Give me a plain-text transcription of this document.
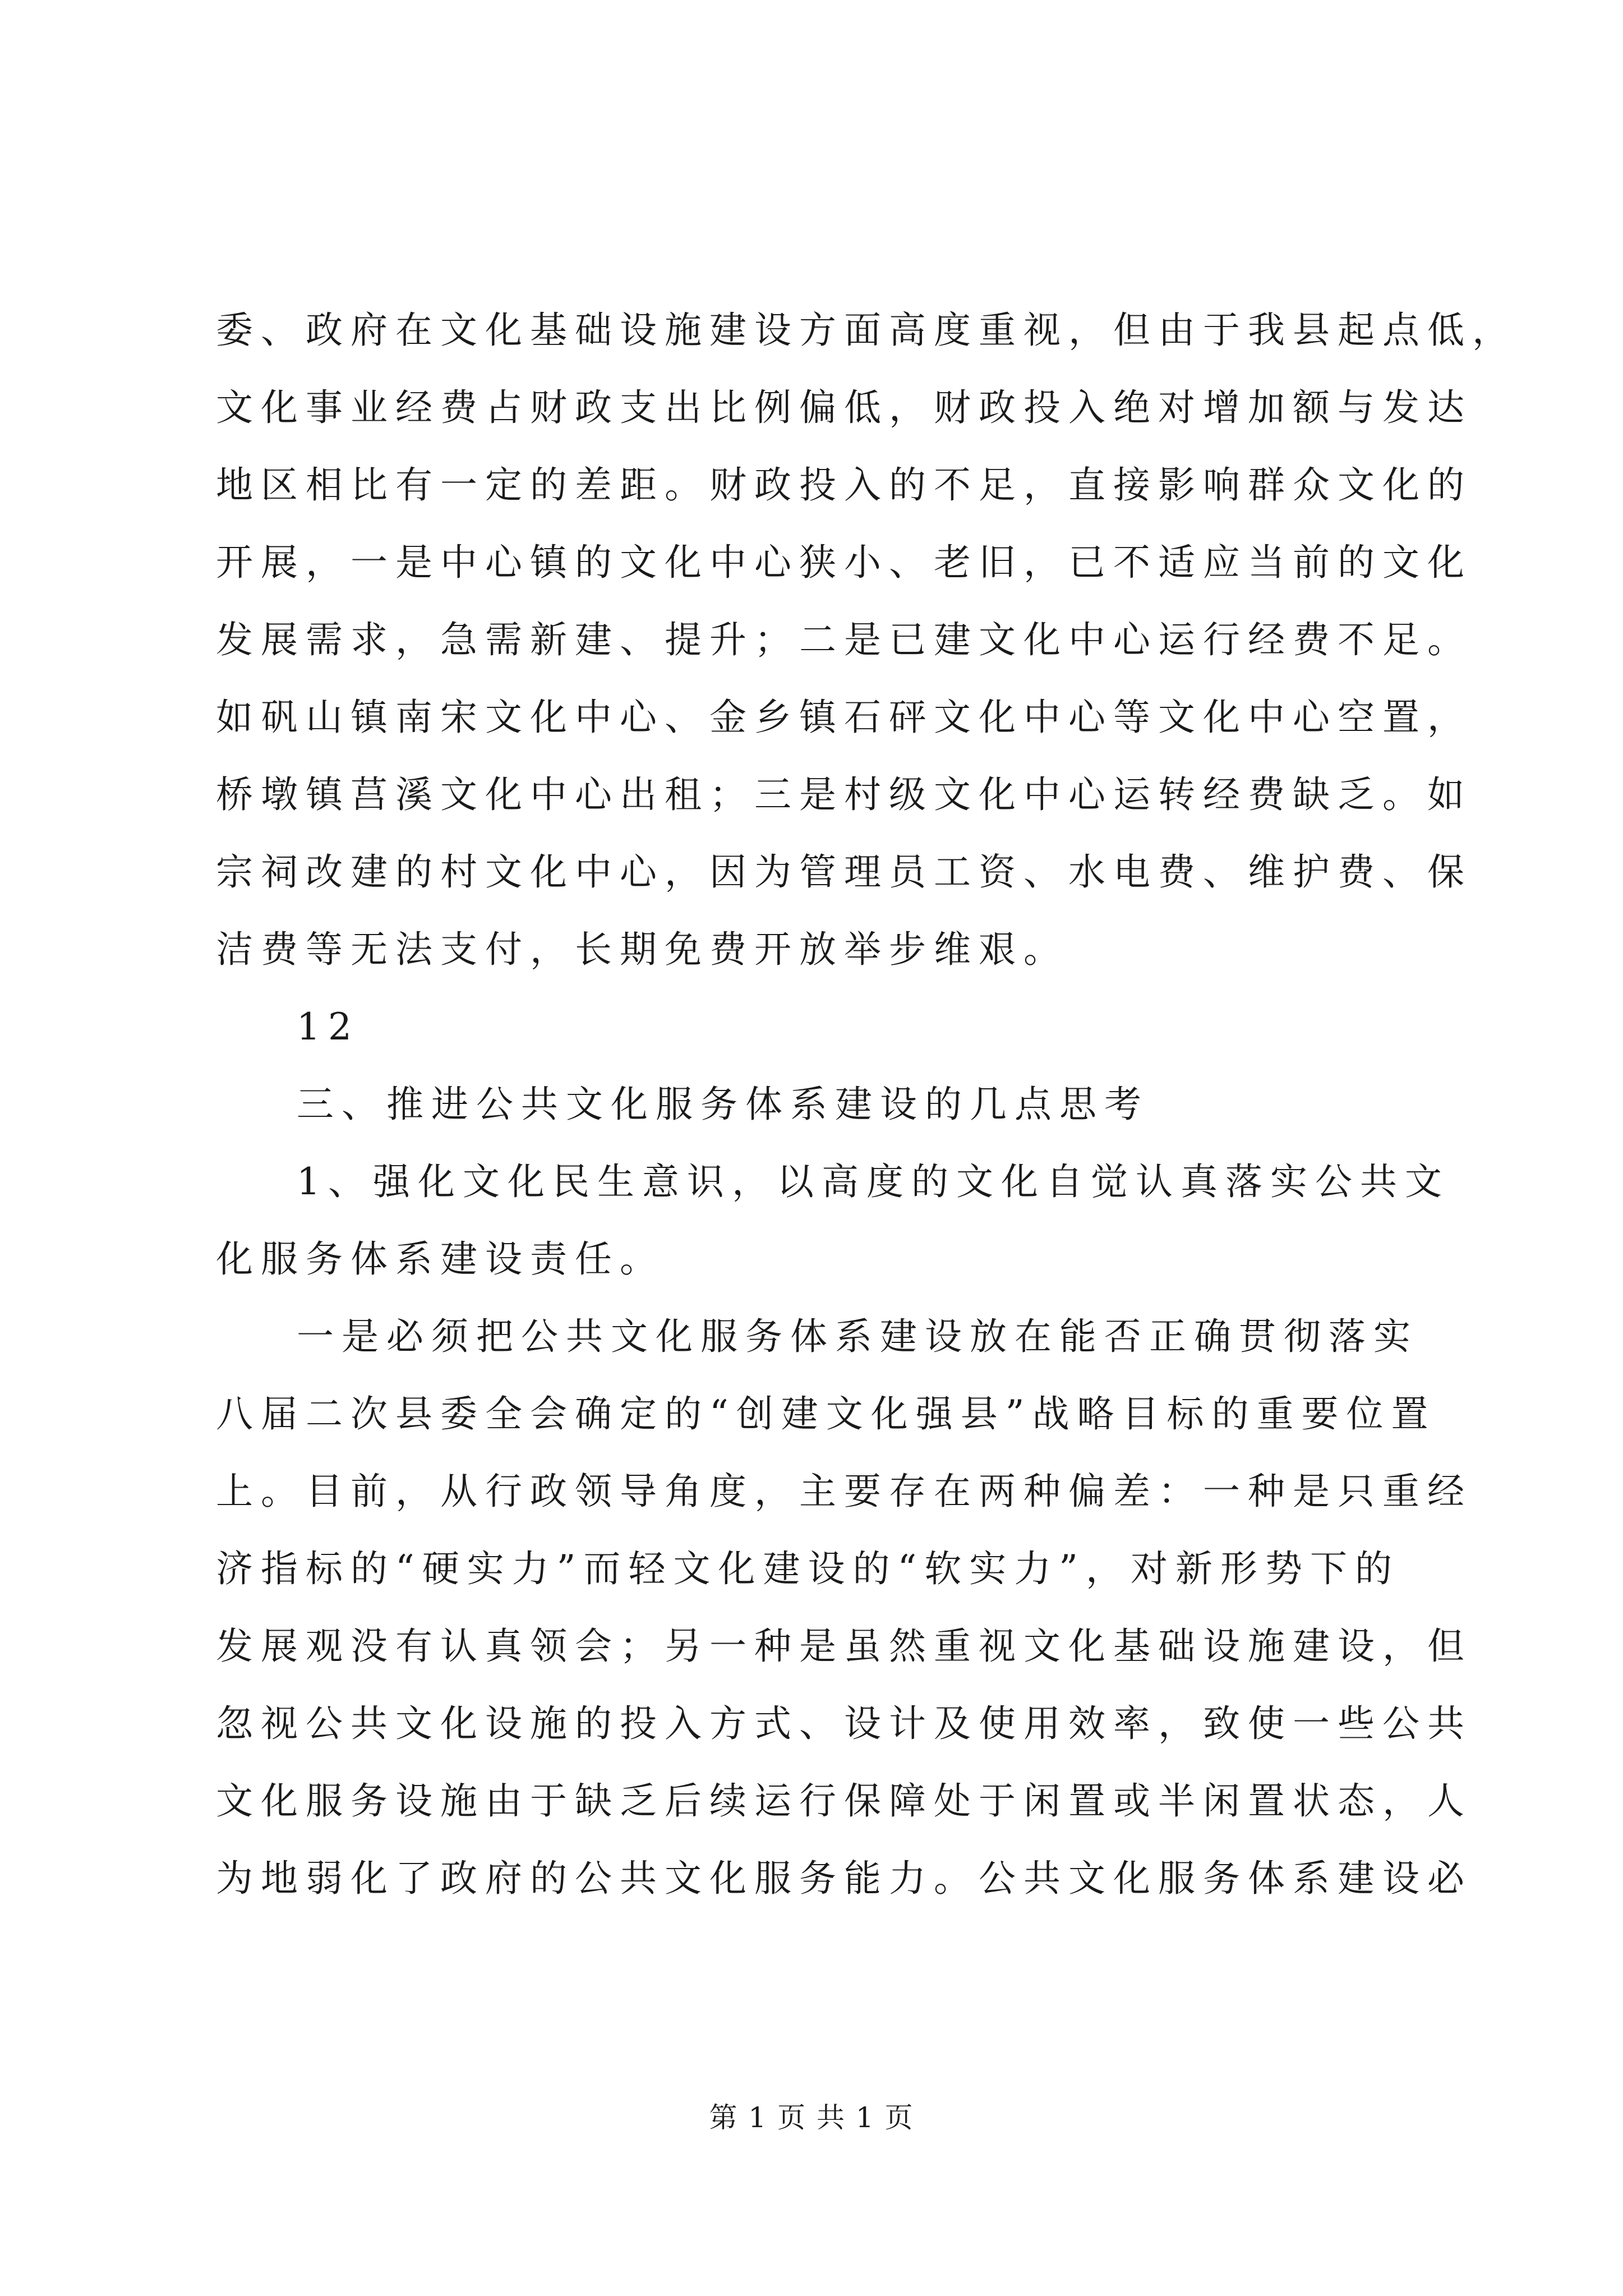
委、政府在文化基础设施建设方面高度重视，但由于我县起点低，
文化事业经费占财政支出比例偏低，财政投入绝对增加额与发达
地区相比有一定的差距。财政投入的不足，直接影响群众文化的
开展，一是中心镇的文化中心狭小、老旧，已不适应当前的文化
发展需求，急需新建、提升；二是已建文化中心运行经费不足。
如矾山镇南宋文化中心、金乡镇石砰文化中心等文化中心空置，
桥墩镇莒溪文化中心出租；三是村级文化中心运转经费缺乏。如
宗祠改建的村文化中心，因为管理员工资、水电费、维护费、保
洁费等无法支付，长期免费开放举步维艰。
12
三、推进公共文化服务体系建设的几点思考
1、强化文化民生意识，以高度的文化自觉认真落实公共文
化服务体系建设责任。
一是必须把公共文化服务体系建设放在能否正确贯彻落实
八届二次县委全会确定的“创建文化强县”战略目标的重要位置
上。目前，从行政领导角度，主要存在两种偏差：一种是只重经
济指标的“硬实力”而轻文化建设的“软实力”，对新形势下的
发展观没有认真领会；另一种是虽然重视文化基础设施建设，但
忽视公共文化设施的投入方式、设计及使用效率，致使一些公共
文化服务设施由于缺乏后续运行保障处于闲置或半闲置状态，人
为地弱化了政府的公共文化服务能力。公共文化服务体系建设必
第 1 页 共 1 页
